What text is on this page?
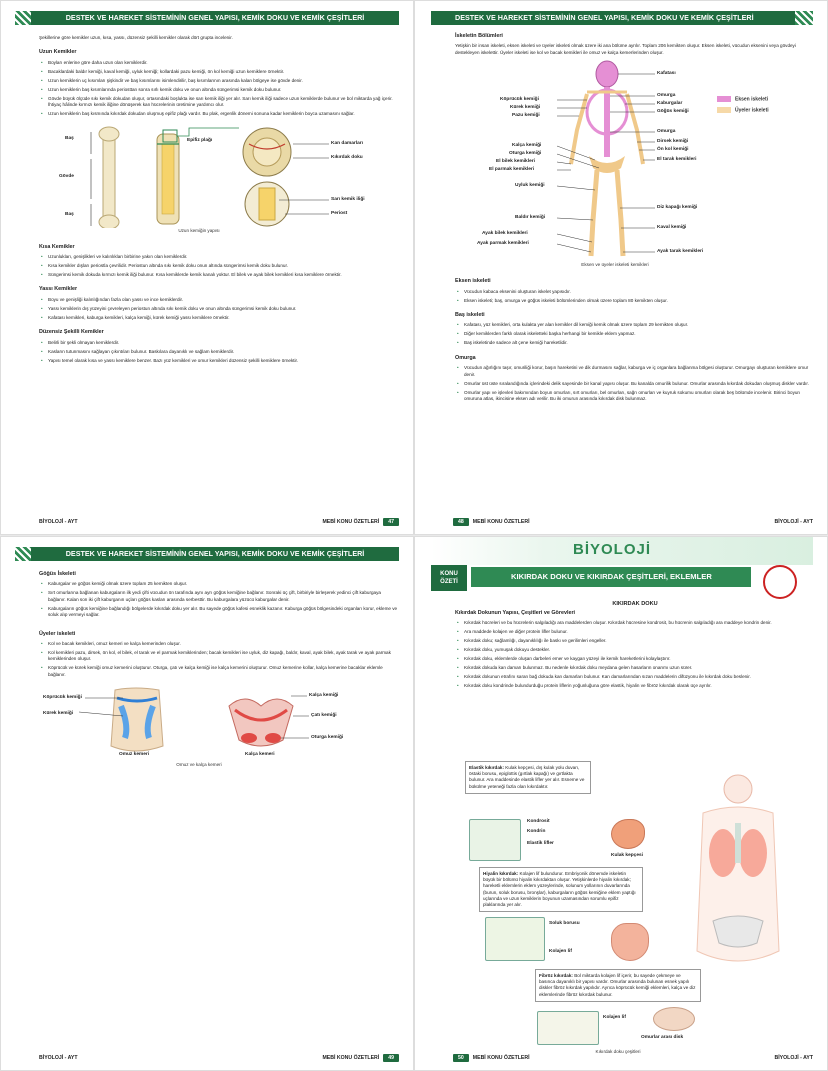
DESTEK VE HAREKET SİSTEMİNİN GENEL YAPISI, KEMİK DOKU VE KEMİK ÇEŞİTLERİ

Şekillerine göre kemikler uzun, kısa, yassı, düzensiz şekilli kemikler olarak dört grupta incelenir.

Uzun Kemikler
• Boyları enlerine göre daha uzun olan kemiklerdir.
• Bacaklardaki baldır kemiği, kaval kemiği, uyluk kemiği; kollardaki pazu kemiği, ön kol kemiği uzun kemiklere örnektir.
• Uzun kemiklerin uç kısımları şişkindir ve baş kısımlarını isimlendirilir, baş kısımlarının arasında kalan bölgeye ise gövde denir.
• Uzun kemiklerin baş kısımlarında periosttan sonra sırlı kemik doku ve onun altında süngerimsi kemik doku bulunur.
• Gövde büyük ölçüde sıkı kemik dokudan oluşur, ortasındaki boşlukta ise sarı kemik iliği yer alır. Sarı kemik iliği sadece uzun kemiklerde bulunur ve bol miktarda yağ içerir. İhtiyaç hâlinde kırmızı kemik iliğine dönüşerek kan hücrelerinin üretimine yardımcı olur.
• Uzun kemiklerin baş kısmında kıkırdak dokudan oluşmuş epifiz plağı vardır. Bu plak, ergenlik dönemi sonuna kadar kemiklerin boyca uzamasını sağlar.
Baş
Gövde
Baş
Epifiz plağı
Kan damarları
Kıkırdak doku
Sarı kemik iliği
Periost
Uzun kemiğin yapısı
Kısa Kemikler
• Uzunlukları, genişlikleri ve kalınlıkları birbirine yakın olan kemiklerdir.
• Kısa kemikler dışları periostla çevrilidir. Periostun altında sıkı kemik doku onun altında süngerimsi kemik doku bulunur.
• Süngerimsi kemik dokuda kırmızı kemik iliği bulunur. Kısa kemiklerde kemik kanalı yoktur. El bilek ve ayak bilek kemikleri kısa kemiklere örnektir.
Yassı Kemikler
• Boyu ve genişliği kalınlığından fazla olan yassı ve ince kemiklerdir.
• Yassı kemiklerin dış yüzeyini çevreleyen periostun altında sıkı kemik doku ve onun altında süngerimsi kemik doku bulunur.
• Kafatası kemikleri, kaburga kemikleri, kalça kemiği, kürek kemiği yassı kemiklere örnektir.
Düzensiz Şekilli Kemikler
• Belirli bir şekli olmayan kemiklerdir.
• Kasların tutunmasını sağlayan çıkıntıları bulunur. Baskılara dayanıklı ve sağlam kemiklerdir.
• Yapısı temel olarak kısa ve yassı kemiklere benzer. Bazı yüz kemikleri ve omur kemikleri düzensiz şekilli kemiklere örnektir.
BİYOLOJİ - AYT	MEBİ KONU ÖZETLERİ	47
DESTEK VE HAREKET SİSTEMİNİN GENEL YAPISI, KEMİK DOKU VE KEMİK ÇEŞİTLERİ
İskeletin Bölümleri

Yetişkin bir insan iskeleti, eksen iskeleti ve üyeler iskeleti olmak üzere iki ana bölüme ayrılır. Toplam 206 kemikten oluşur. Eksen iskeleti, vücudun eksenini veya gövdeyi destekleyen iskelettir. Üyeler iskeleti ise kol ve bacak kemikleri ile omuz ve kalça kemerlerinden oluşur.

Köprücük kemiği
Kürek kemiği
Pazu kemiği
Kalça kemiği
Oturga kemiği
El bilek kemikleri
El parmak kemikleri
Uyluk kemiği
Baldır kemiği
Ayak bilek kemikleri
Ayak parmak kemikleri
Kafatası
Omurga
Kaburgalar
Göğüs kemiği
Omurga
Dirsek kemiği
Ön kol kemiği
El tarak kemikleri
Diz kapağı kemiği
Kaval kemiği
Ayak tarak kemikleri
Eksen iskeleti
Üyeler iskeleti
Eksen ve üyeler iskeleti kemikleri
Eksen iskeleti
• Vücudun kabaca eksenini oluşturan iskelet yapısıdır.
• Eksen iskeleti; baş, omurga ve göğüs iskeleti bölümlerinden olmak üzere toplam 80 kemikten oluşur.
Baş iskeleti
• Kafatası, yüz kemikleri, orta kulakta yer alan kemikler dil kemiği kemik olmak üzere toplam 29 kemikten oluşur.
• Diğer kemiklerden farklı olarak iskeletteki başka herhangi bir kemikle eklem yapmaz.
• Baş iskeletinde sadece alt çene kemiği hareketlidir.
Omurga
• Vücudun ağırlığını taşır, omuriliği korur, başın hareketini ve dik durmasını sağlar, kaburga ve iç organlara bağlanma bölgesi oluşturur. Omurgayı oluşturan kemiklere omur denir.
• Omurlar üst üste sıralandığında içlerindeki delik sayesinde bir kanal yapısı oluşur. Bu kanalda omurilik bulunur. Omurlar arasında kıkırdak dokudan oluşmuş diskler vardır.
• Omurlar yapı ve işlevleri bakımından boyun omurları, sırt omurları, bel omurları, sağrı omurları ve kuyruk sokumu omurları olarak beş bölümde incelenir. Birinci boyun omuruna atlas, ikincisine eksen adı verilir. Bu iki omurun arasında kıkırdak disk bulunmaz.
48	MEBİ KONU ÖZETLERİ	BİYOLOJİ - AYT
DESTEK VE HAREKET SİSTEMİNİN GENEL YAPISI, KEMİK DOKU VE KEMİK ÇEŞİTLERİ
Göğüs İskeleti
• Kaburgalar ve göğüs kemiği olmak üzere toplam 25 kemikten oluşur.
• Sırt omurlarına bağlanan kaburgaların ilk yedi çifti vücudun ön tarafında aynı ayrı göğüs kemiğine bağlanır. Sonraki üç çift, birbiriyle birleşerek yedinci çift kaburgaya bağlanır. Kalan son iki çift kaburganın uçları göğüs kasları arasında serbesttir. Bu kaburgalara yüzücü kaburgalar denir.
• Kaburgaların göğüs kemiğine bağlandığı bölgelerde kıkırdak doku yer alır. Bu sayede göğüs kafesi esneklik kazanır. Kaburga göğüs bölgesindeki organları korur, ekleme ve soluk alıp vermeyi sağlar.
Üyeler iskeleti
• Kol ve bacak kemikleri, omuz kemeri ve kalça kemerinden oluşur.
• Kol kemikleri pazu, dirsek, ön kol, el bilek, el tarak ve el parmak kemiklerinden; bacak kemikleri ise uyluk, diz kapağı, baldır, kaval, ayak bilek, ayak tarak ve ayak parmak kemiklerinden oluşur.
• Köprücük ve kürek kemiği omuz kemerini oluşturur. Oturga, çatı ve kalça kemiği ise kalça kemerini oluşturur. Omuz kemerine kollar, kalça kemerine bacaklar eklemle bağlanır.
Köprücük kemiği
Kürek kemiği
Omuz kemeri
Kalça kemiği
Çatı kemiği
Oturga kemiği
Kalça kemeri
Omuz ve kalça kemeri
BİYOLOJİ - AYT	MEBİ KONU ÖZETLERİ	49
BİYOLOJİ
KONU ÖZETİ
KIKIRDAK DOKU VE KIKIRDAK ÇEŞİTLERİ, EKLEMLER
KIKIRDAK DOKU
Kıkırdak Dokunun Yapısı, Çeşitleri ve Görevleri
• Kıkırdak hücreleri ve bu hücrelerin salgıladığı ara maddelerden oluşur. Kıkırdak hücresine kondrosit, bu hücrenin salgıladığı ara maddeye kondrin denir.
• Ara maddede kolajen ve diğer protein lifler bulunur.
• Kıkırdak doku; sağlamlığı, dayanıklılığı ile baskı ve gerilimleri engeller.
• Kıkırdak doku, yumuşak dokuyu destekler.
• Kıkırdak doku, eklemlerde oluşan darbeleri emer ve kaygan yüzeyi ile kemik hareketlerini kolaylaştırır.
• Kıkırdak dokuda kan damarı bulunmaz. Bu nedenle kıkırdak doku meydana gelen hasarların onarımı uzun sürer.
• Kıkırdak dokunun etrafını saran bağ dokuda kan damarları bulunur. Kan damarlarından sızan maddelerin difüzyonu ile kıkırdak doku beslenir.
• Kıkırdak doku kondrinde bulundurduğu protein liflerin yoğunluğuna göre elastik, hiyalin ve fibröz kıkırdak olarak üçe ayrılır.
Elastik kıkırdak: Kulak kepçesi, dış kulak yolu duvarı, östaki borusu, epiglottis (gırtlak kapağı) ve gırtlakta bulunur. Ara maddesinde elastik lifler yer alır. Esneme ve bükülme yeteneği fazla olan kıkırdaktır.
Kondrosit
Kondrin
Elastik lifler
Kulak kepçesi
Hiyalin kıkırdak: Kolajen lif bulundurur. Embriyonik dönemde iskeletin büyük bir bölümü hiyalin kıkırdaktan oluşur. Yetişkinlerde hiyalin kıkırdak; hareketli eklemlerin eklem yüzeylerinde, solunum yollarının duvarlarında (burun, soluk borusu, bronşlar), kaburgaların göğüs kemiğine eklem yaptığı uçlarında ve uzun kemiklerin boyunun uzamasından sorumlu epifiz plaklarında yer alır.
Soluk borusu
Kolajen lif
Fibröz kıkırdak: Bol miktarda kolajen lif içerir, bu sayede çekmeye ve basınca dayanıklı bir yapısı vardır. Omurlar arasında bulunan esnek yapılı diskler fibröz kıkırdak yapılıdır. Ayrıca köprücük kemiği eklemleri, kalça ve diz eklemlerinde fibröz kıkırdak bulunur.
Kolajen lif
Omurlar arası disk
Kıkırdak doku çeşitleri
50	MEBİ KONU ÖZETLERİ	BİYOLOJİ - AYT
